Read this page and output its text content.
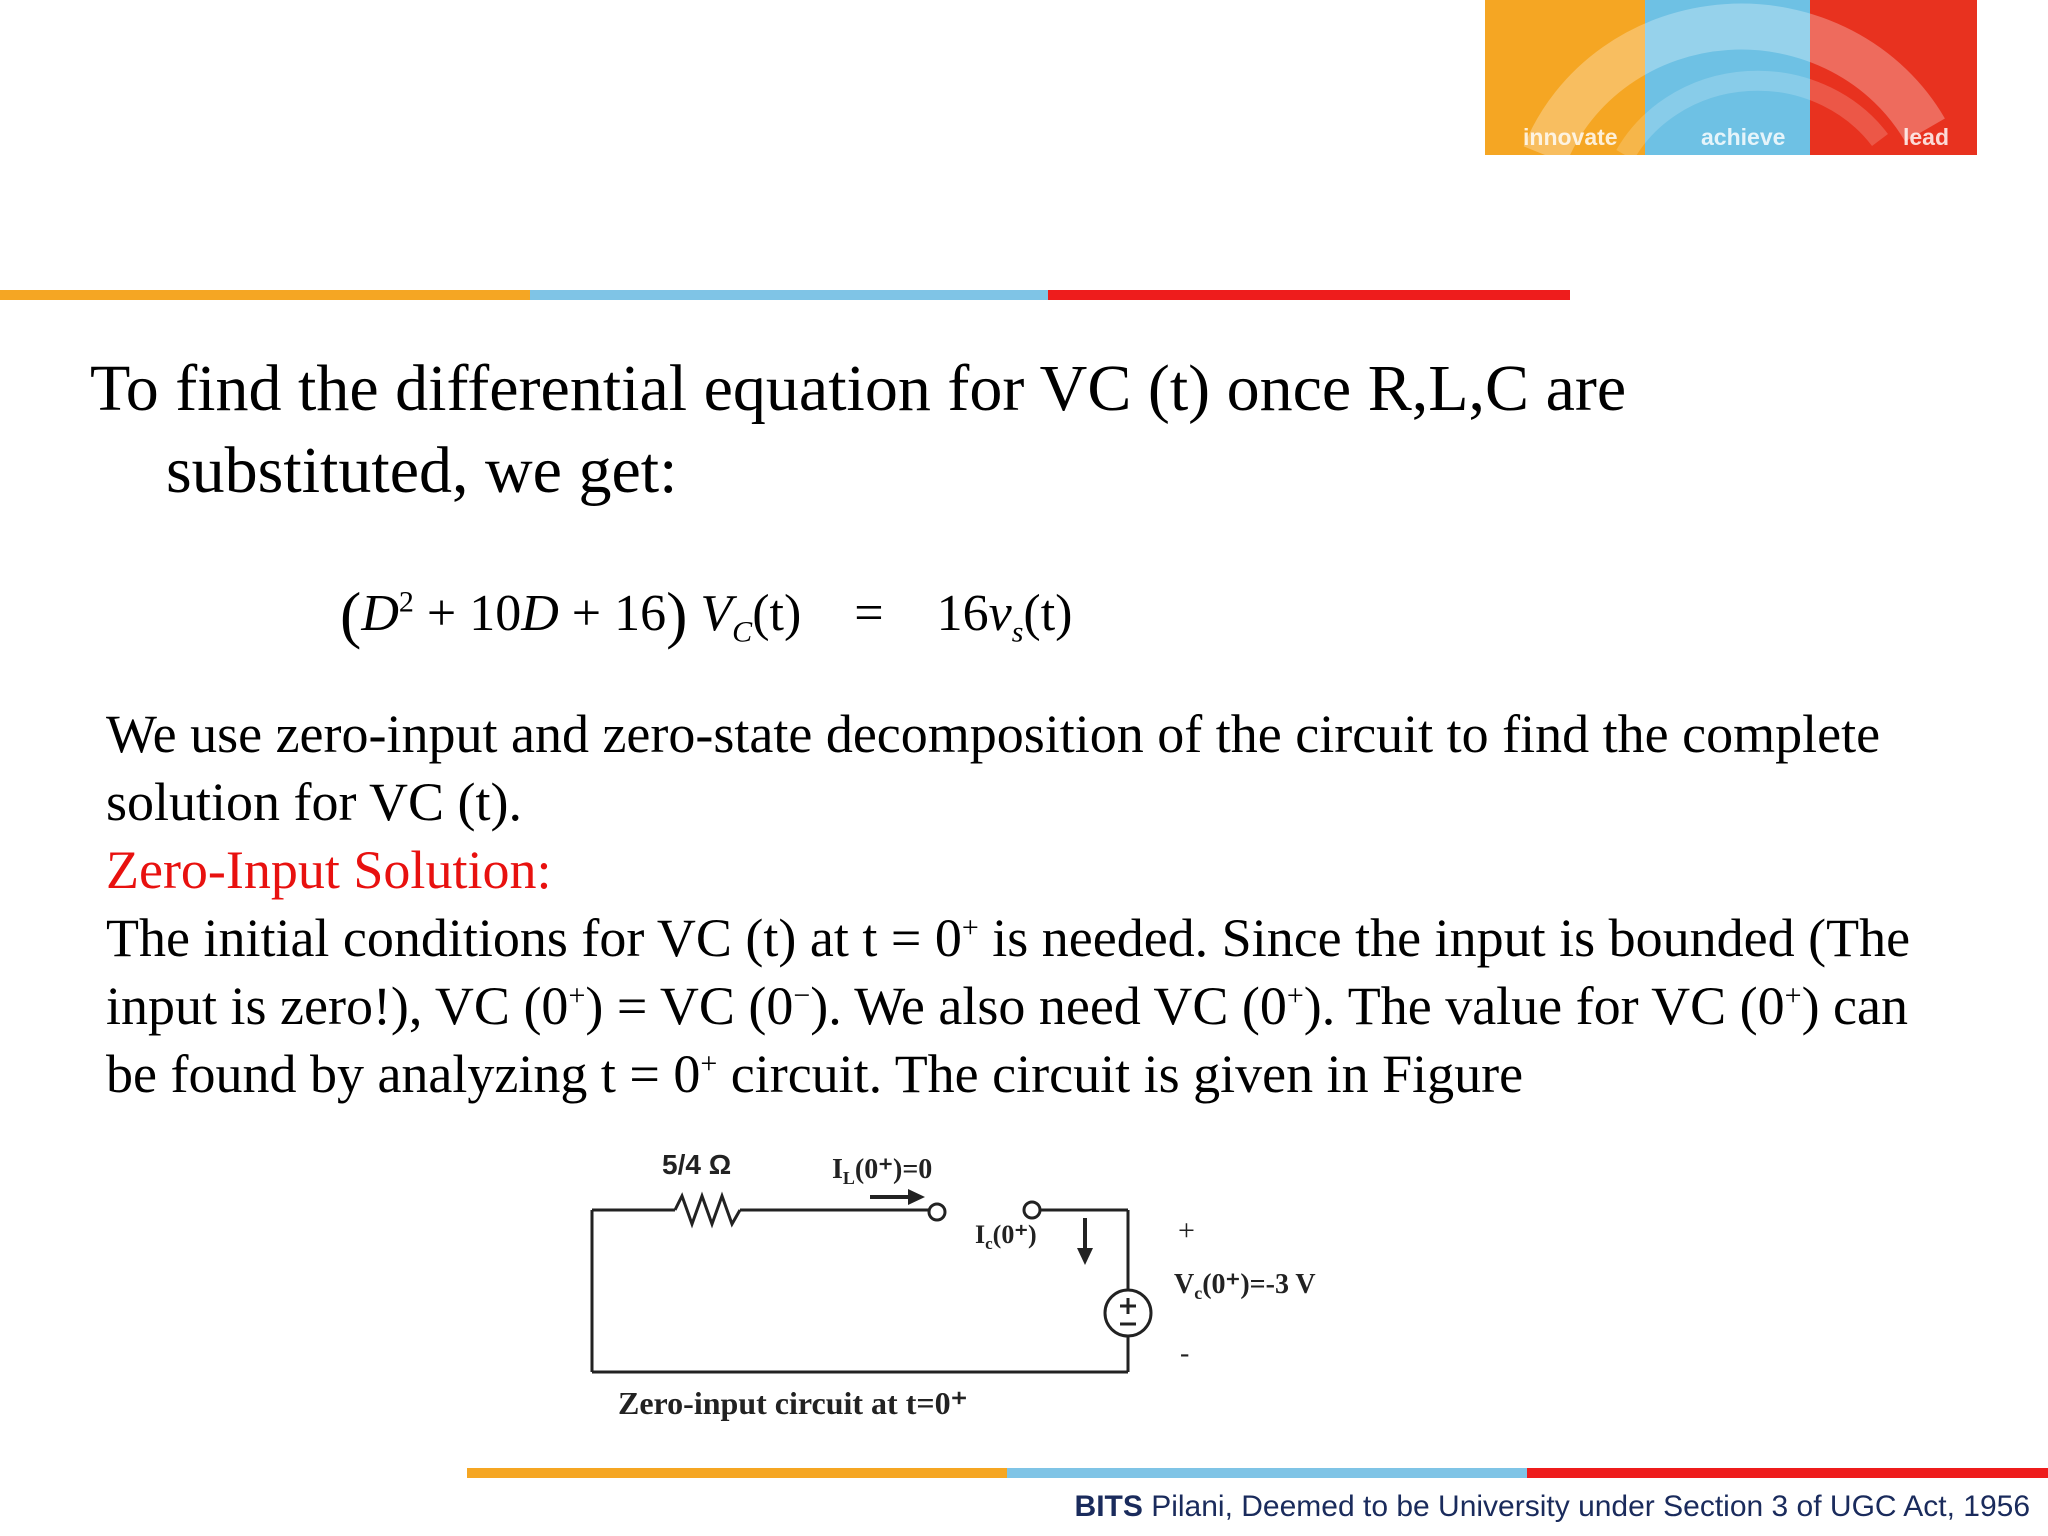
innovate	achieve	lead
To find the differential equation for VC (t) once R,L,C are substituted, we get:
$(D^2 + 10D + 16) V_C(t) = 16v_s(t)$

We use zero-input and zero-state decomposition of the circuit to find the complete solution for VC (t).

Zero-Input Solution:

The initial conditions for VC (t) at t = 0+ is needed. Since the input is bounded (The input is zero!), VC (0+) = VC (0−). We also need VC (0+). The value for VC (0+) can be found by analyzing t = 0+ circuit. The circuit is given in Figure

5/4 Ω	$I_L(0^+)=0$
$I_c(0^+)$	+
-
$V_c(0^+)=-3$ V
Zero-input circuit at t=0⁺
BITS Pilani, Deemed to be University under Section 3 of UGC Act, 1956
